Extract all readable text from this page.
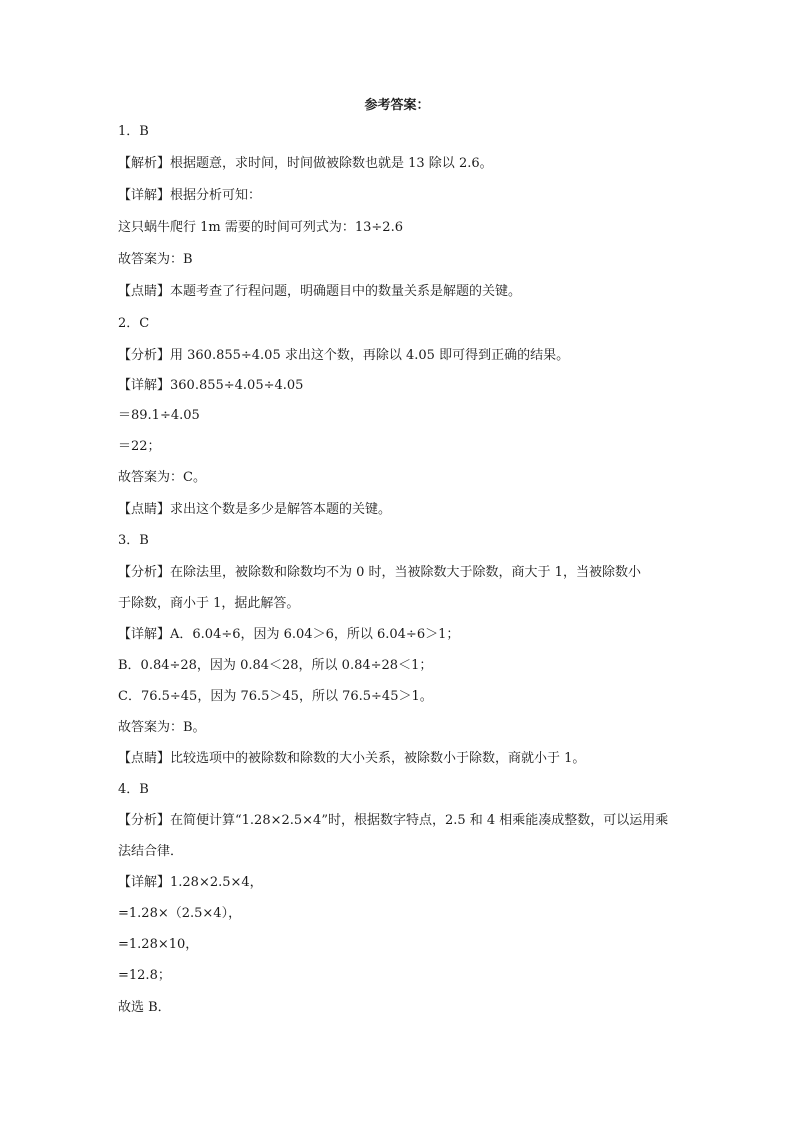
参考答案：
1．B
【解析】根据题意，求时间，时间做被除数也就是 13 除以 2.6。
【详解】根据分析可知：
这只蜗牛爬行 1m 需要的时间可列式为：13÷2.6
故答案为：B
【点睛】本题考查了行程问题，明确题目中的数量关系是解题的关键。
2．C
【分析】用 360.855÷4.05 求出这个数，再除以 4.05 即可得到正确的结果。
【详解】360.855÷4.05÷4.05
＝89.1÷4.05
＝22；
故答案为：C。
【点睛】求出这个数是多少是解答本题的关键。
3．B
【分析】在除法里，被除数和除数均不为 0 时，当被除数大于除数，商大于 1，当被除数小
于除数，商小于 1，据此解答。
【详解】A．6.04÷6，因为 6.04＞6，所以 6.04÷6＞1；
B．0.84÷28，因为 0.84＜28，所以 0.84÷28＜1；
C．76.5÷45，因为 76.5＞45，所以 76.5÷45＞1。
故答案为：B。
【点睛】比较选项中的被除数和除数的大小关系，被除数小于除数，商就小于 1。
4．B
【分析】在简便计算“1.28×2.5×4”时，根据数字特点，2.5 和 4 相乘能凑成整数，可以运用乘
法结合律．
【详解】1.28×2.5×4，
=1.28×（2.5×4），
=1.28×10，
=12.8；
故选 B．
